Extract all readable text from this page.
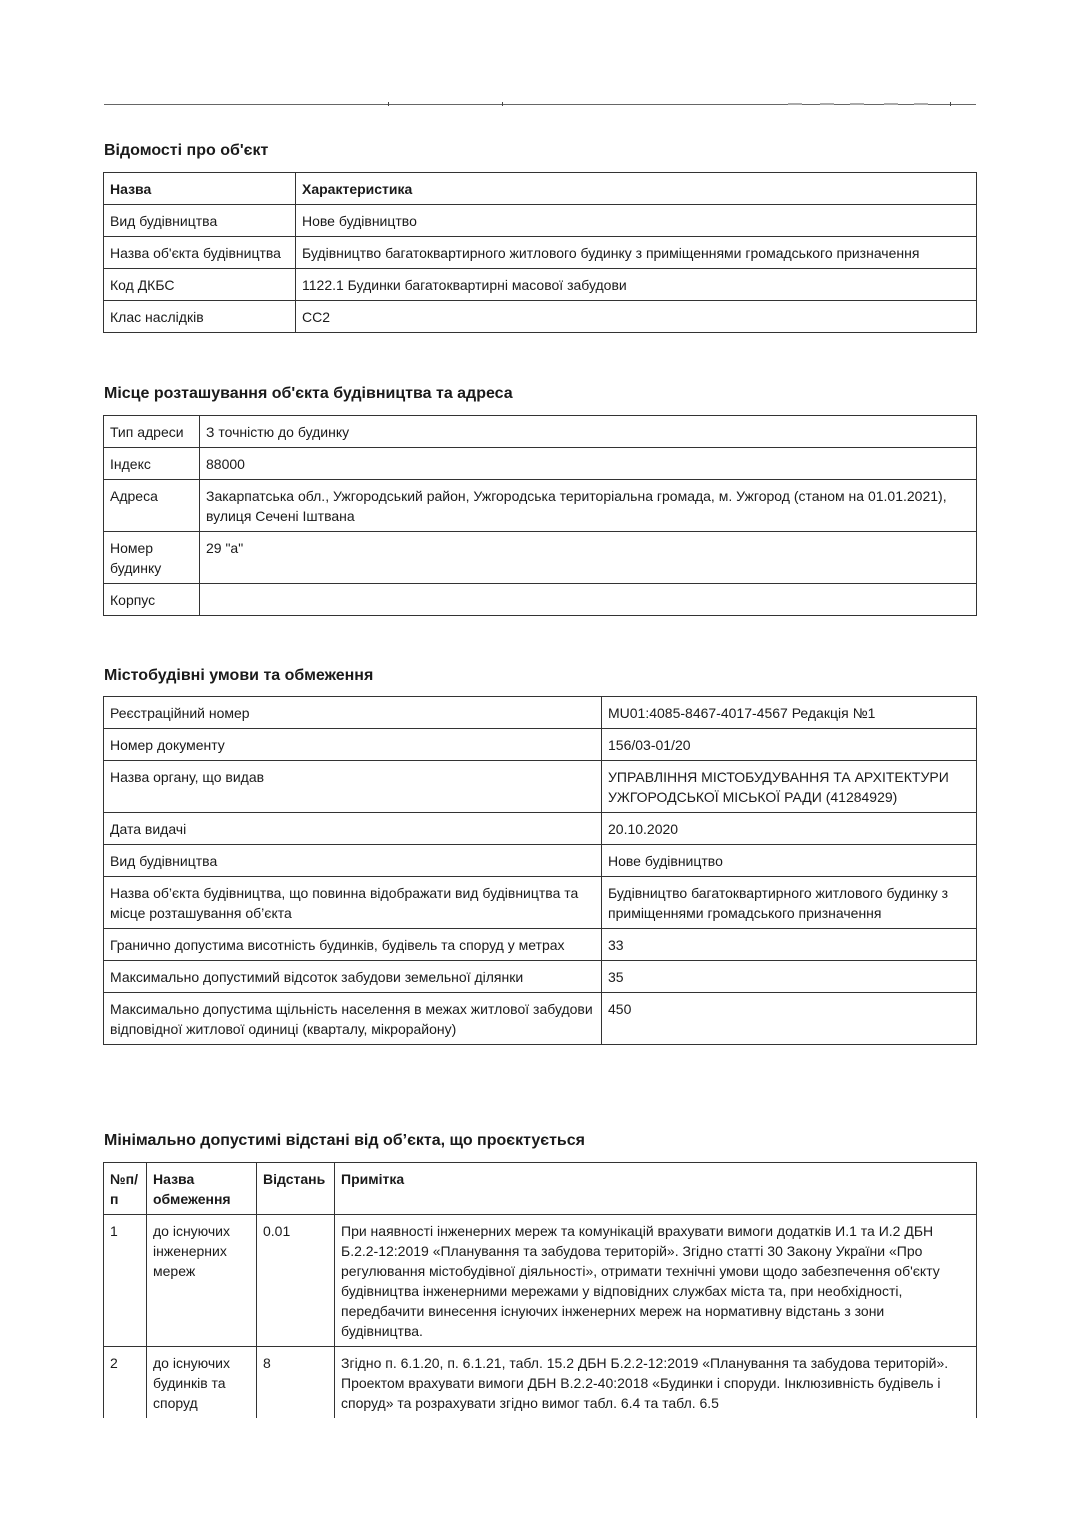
Відомості про об'єкт
Назва	Характеристика
Вид будівництва	Нове будівництво
Назва об'єкта будівництва	Будівництво багатоквартирного житлового будинку з приміщеннями громадського призначення
Код ДКБС	1122.1 Будинки багатоквартирні масової забудови
Клас наслідків	СС2
Місце розташування об'єкта будівництва та адреса
Тип адреси	З точністю до будинку
Індекс	88000
Адреса	Закарпатська обл., Ужгородський район, Ужгородська територіальна громада, м. Ужгород (станом на 01.01.2021), вулиця Сечені Іштвана
Номер будинку	29 "а"
Корпус	
Містобудівні умови та обмеження
Реєстраційний номер	MU01:4085-8467-4017-4567 Редакція №1
Номер документу	156/03-01/20
Назва органу, що видав	УПРАВЛІННЯ МІСТОБУДУВАННЯ ТА АРХІТЕКТУРИ УЖГОРОДСЬКОЇ МІСЬКОЇ РАДИ (41284929)
Дата видачі	20.10.2020
Вид будівництва	Нове будівництво
Назва об’єкта будівництва, що повинна відображати вид будівництва та місце розташування об’єкта	Будівництво багатоквартирного житлового будинку з приміщеннями громадського призначення
Гранично допустима висотність будинків, будівель та споруд у метрах	33
Максимально допустимий відсоток забудови земельної ділянки	35
Максимально допустима щільність населення в межах житлової забудови відповідної житлової одиниці (кварталу, мікрорайону)	450
Мінімально допустимі відстані від об’єкта, що проєктується
№п/п	Назва обмеження	Відстань	Примітка
1	до існуючих інженерних мереж	0.01	При наявності інженерних мереж та комунікацій врахувати вимоги додатків И.1 та И.2 ДБН Б.2.2-12:2019 «Планування та забудова територій». Згідно статті 30 Закону України «Про регулювання містобудівної діяльності», отримати технічні умови щодо забезпечення об'єкту будівництва інженерними мережами у відповідних службах міста та, при необхідності, передбачити винесення існуючих інженерних мереж на нормативну відстань з зони будівництва.
2	до існуючих будинків та споруд	8	Згідно п. 6.1.20, п. 6.1.21, табл. 15.2 ДБН Б.2.2-12:2019 «Планування та забудова територій». Проектом врахувати вимоги ДБН В.2.2-40:2018 «Будинки і споруди. Інклюзивність будівель і споруд» та розрахувати згідно вимог табл. 6.4 та табл. 6.5
